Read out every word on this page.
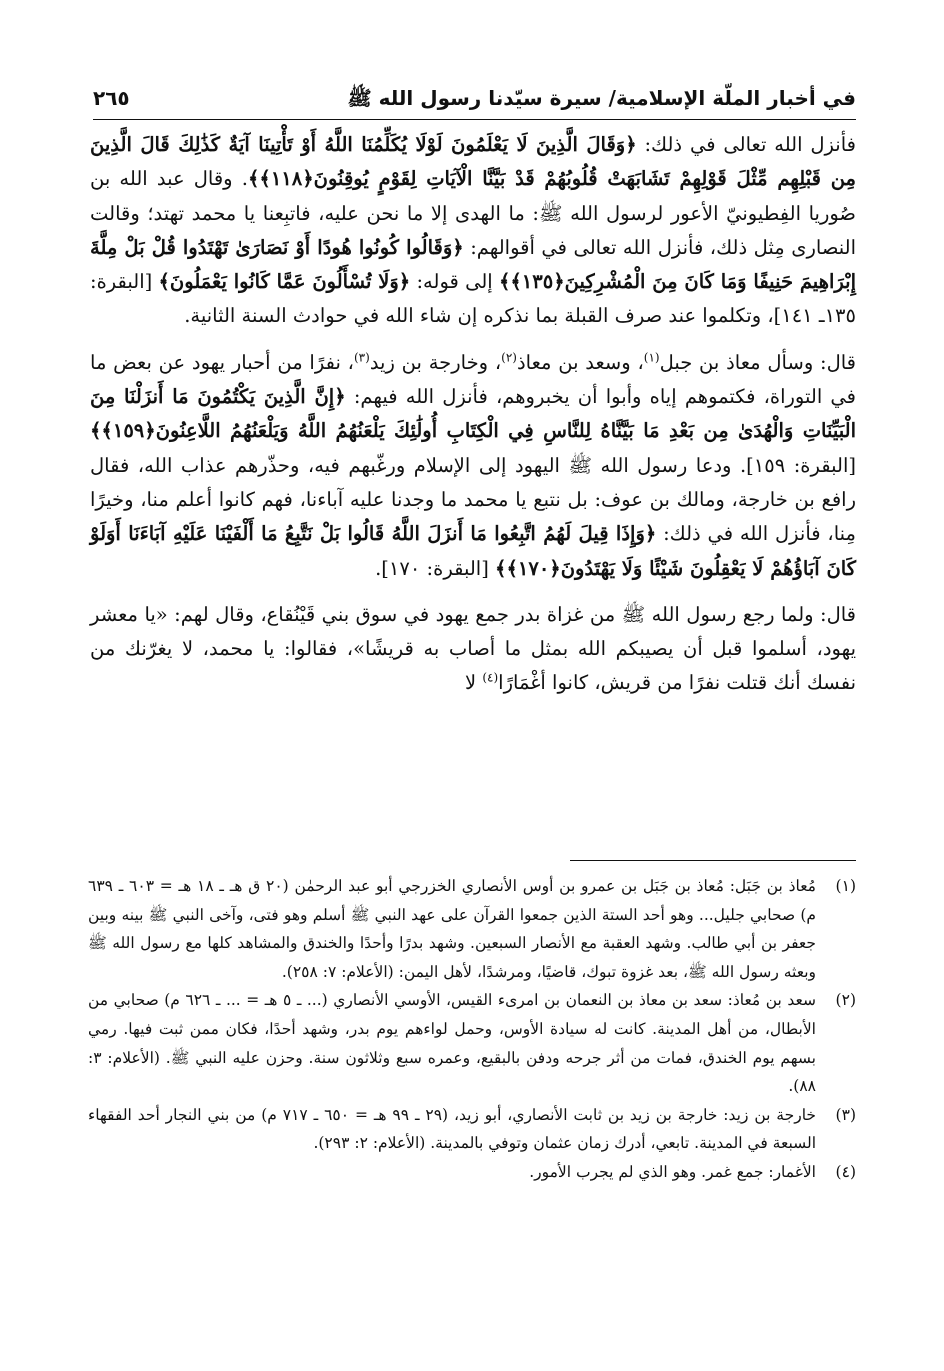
في أخبار الملّة الإسلامية/ سيرة سيّدنا رسول الله ﷺ
٢٦٥

فأنزل الله تعالى في ذلك: ﴿وَقَالَ الَّذِينَ لَا يَعْلَمُونَ لَوْلَا يُكَلِّمُنَا اللَّهُ أَوْ تَأْتِينَا آيَةٌ كَذَٰلِكَ قَالَ الَّذِينَ مِن قَبْلِهِم مِّثْلَ قَوْلِهِمْ تَشَابَهَتْ قُلُوبُهُمْ قَدْ بَيَّنَّا الْآيَاتِ لِقَوْمٍ يُوقِنُونَ﴿١١٨﴾﴾. وقال عبد الله بن صُوريا الفِطيونيّ الأعور لرسول الله ﷺ: ما الهدى إلا ما نحن عليه، فاتبِعنا يا محمد تهتد؛ وقالت النصارى مِثل ذلك، فأنزل الله تعالى في أقوالهم: ﴿وَقَالُوا كُونُوا هُودًا أَوْ نَصَارَىٰ تَهْتَدُوا قُلْ بَلْ مِلَّةَ إِبْرَاهِيمَ حَنِيفًا وَمَا كَانَ مِنَ الْمُشْرِكِينَ﴿١٣٥﴾﴾ إلى قوله: ﴿وَلَا تُسْأَلُونَ عَمَّا كَانُوا يَعْمَلُونَ﴾ [البقرة: ١٣٥ـ ١٤١]، وتكلموا عند صرف القبلة بما نذكره إن شاء الله في حوادث السنة الثانية.

قال: وسأل معاذ بن جبل$^{(١)}$، وسعد بن معاذ$^{(٢)}$، وخارجة بن زيد$^{(٣)}$، نفرًا من أحبار يهود عن بعض ما في التوراة، فكتموهم إياه وأبوا أن يخبروهم، فأنزل الله فيهم: ﴿إِنَّ الَّذِينَ يَكْتُمُونَ مَا أَنزَلْنَا مِنَ الْبَيِّنَاتِ وَالْهُدَىٰ مِن بَعْدِ مَا بَيَّنَّاهُ لِلنَّاسِ فِي الْكِتَابِ أُولَٰئِكَ يَلْعَنُهُمُ اللَّهُ وَيَلْعَنُهُمُ اللَّاعِنُونَ﴿١٥٩﴾﴾ [البقرة: ١٥٩]. ودعا رسول الله ﷺ اليهود إلى الإسلام ورغّبهم فيه، وحذّرهم عذاب الله، فقال رافع بن خارجة، ومالك بن عوف: بل نتبع يا محمد ما وجدنا عليه آباءنا، فهم كانوا أعلم منا، وخيرًا مِنا، فأنزل الله في ذلك: ﴿وَإِذَا قِيلَ لَهُمُ اتَّبِعُوا مَا أَنزَلَ اللَّهُ قَالُوا بَلْ نَتَّبِعُ مَا أَلْفَيْنَا عَلَيْهِ آبَاءَنَا أَوَلَوْ كَانَ آبَاؤُهُمْ لَا يَعْقِلُونَ شَيْئًا وَلَا يَهْتَدُونَ﴿١٧٠﴾﴾ [البقرة: ١٧٠].

قال: ولما رجع رسول الله ﷺ من غزاة بدر جمع يهود في سوق بني قَيْنُقاع، وقال لهم: «يا معشر يهود، أسلموا قبل أن يصيبكم الله بمثل ما أصاب به قريشًا»، فقالوا: يا محمد، لا يغرّنك من نفسك أنك قتلت نفرًا من قريش، كانوا أغْمَارًا$^{(٤)}$ لا

(١)
مُعاذ بن جَبَل: مُعاذ بن جَبَل بن عمرو بن أوس الأنصاري الخزرجي أبو عبد الرحمٰن (٢٠ ق هـ ـ ١٨ هـ = ٦٠٣ ـ ٦٣٩ م) صحابي جليل... وهو أحد الستة الذين جمعوا القرآن على عهد النبي ﷺ أسلم وهو فتى، وآخى النبي ﷺ بينه وبين جعفر بن أبي طالب. وشهد العقبة مع الأنصار السبعين. وشهد بدرًا وأحدًا والخندق والمشاهد كلها مع رسول الله ﷺ وبعثه رسول الله ﷺ، بعد غزوة تبوك، قاضيًا، ومرشدًا، لأهل اليمن: (الأعلام: ٧: ٢٥٨).
(٢)
سعد بن مُعاذ: سعد بن معاذ بن النعمان بن امرىء القيس، الأوسي الأنصاري (... ـ ٥ هـ = ... ـ ٦٢٦ م) صحابي من الأبطال، من أهل المدينة. كانت له سيادة الأوس، وحمل لواءهم يوم بدر، وشهد أحدًا، فكان ممن ثبت فيها. رمي بسهم يوم الخندق، فمات من أثر جرحه ودفن بالبقيع، وعمره سبع وثلاثون سنة. وحزن عليه النبي ﷺ. (الأعلام: ٣: ٨٨).
(٣)
خارجة بن زيد: خارجة بن زيد بن ثابت الأنصاري، أبو زيد، (٢٩ ـ ٩٩ هـ = ٦٥٠ ـ ٧١٧ م) من بني النجار أحد الفقهاء السبعة في المدينة. تابعي، أدرك زمان عثمان وتوفي بالمدينة. (الأعلام: ٢: ٢٩٣).
(٤)
الأغمار: جمع غمر. وهو الذي لم يجرب الأمور.
